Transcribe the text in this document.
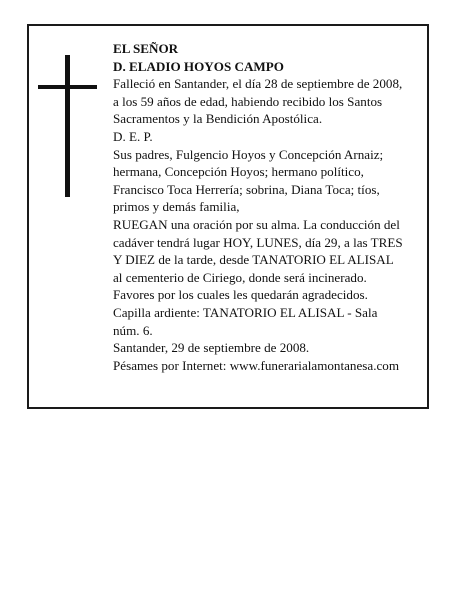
EL SEÑOR
D. ELADIO HOYOS CAMPO
Falleció en Santander, el día 28 de septiembre de 2008,
a los 59 años de edad, habiendo recibido los Santos
Sacramentos y la Bendición Apostólica.
D. E. P.
Sus padres, Fulgencio Hoyos y Concepción Arnaiz;
hermana, Concepción Hoyos; hermano político,
Francisco Toca Herrería; sobrina, Diana Toca; tíos,
primos y demás familia,
RUEGAN una oración por su alma. La conducción del
cadáver tendrá lugar HOY, LUNES, día 29, a las TRES
Y DIEZ de la tarde, desde TANATORIO EL ALISAL
al cementerio de Ciriego, donde será incinerado.
Favores por los cuales les quedarán agradecidos.
Capilla ardiente: TANATORIO EL ALISAL - Sala
núm. 6.
Santander, 29 de septiembre de 2008.
Pésames por Internet: www.funerarialamontanesa.com
